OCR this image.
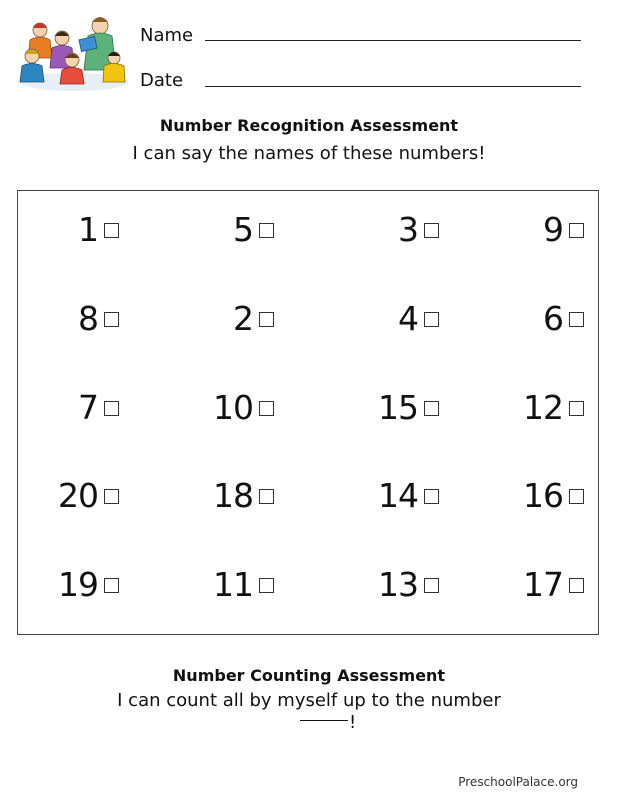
Name
Date
Number Recognition Assessment
I can say the names of these numbers!
1	5	3	9
8	2	4	6
7	10	15	12
20	18	14	16
19	11	13	17
Number Counting Assessment
I can count all by myself up to the number
!
PreschoolPalace.org
